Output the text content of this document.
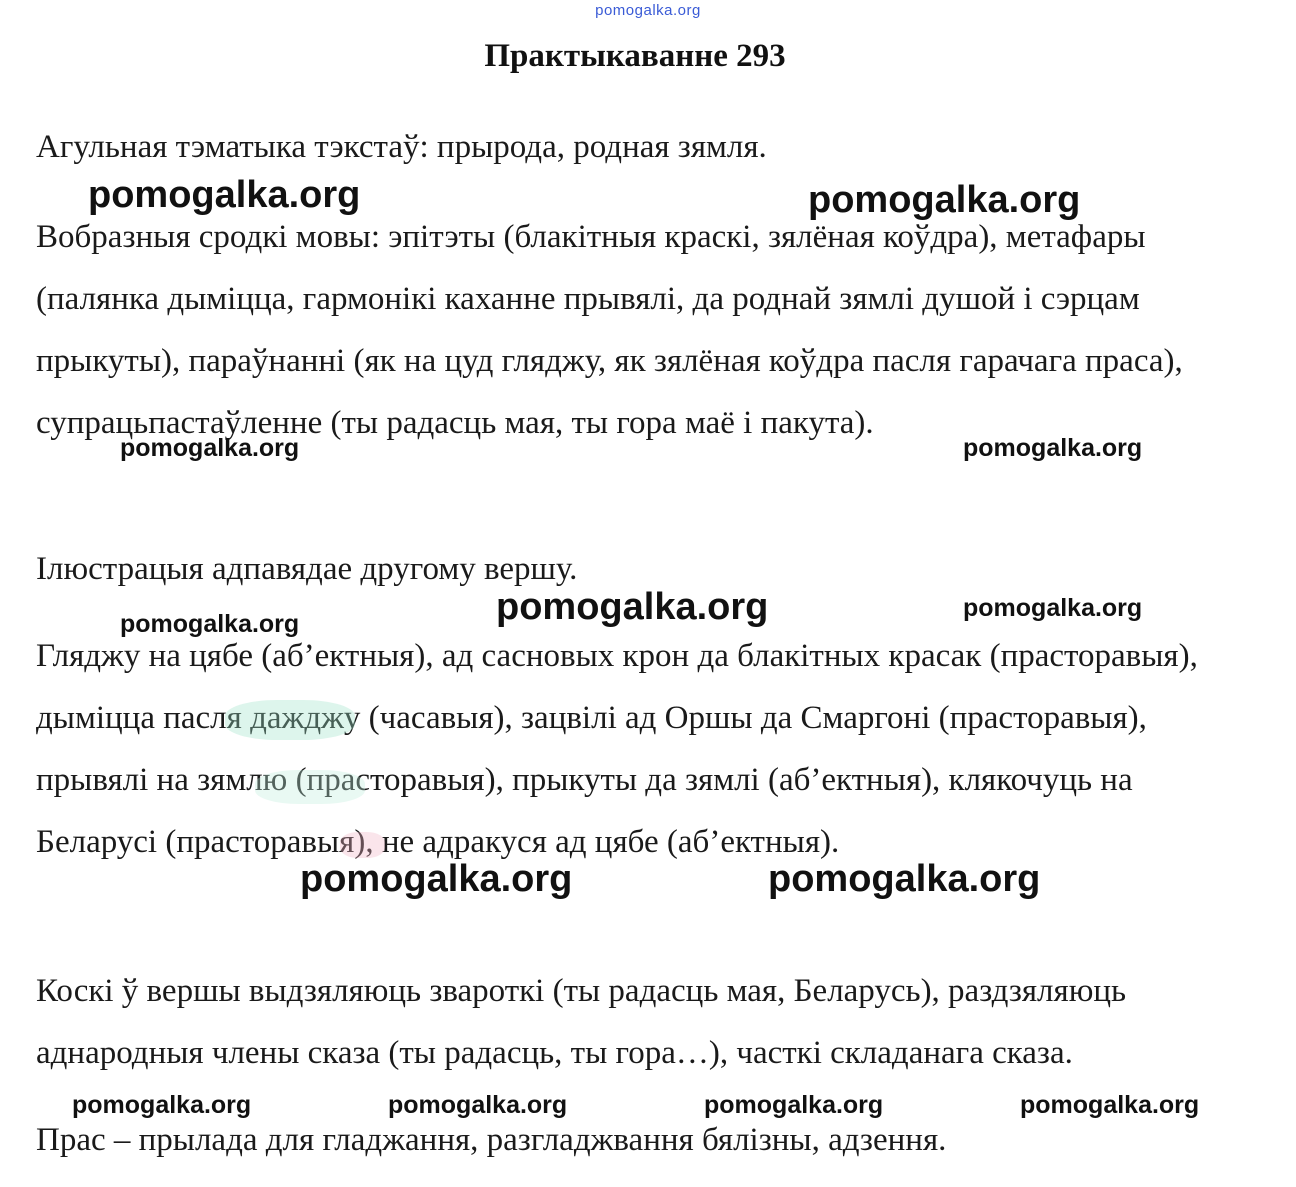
pomogalka.org
Практыкаванне 293

Агульная тэматыка тэкстаў: прырода, родная зямля.

Вобразныя сродкі мовы: эпітэты (блакітныя краскі, зялёная коўдра), метафары (палянка дыміцца, гармонікі каханне прывялі, да роднай зямлі душой і сэрцам прыкуты), параўнанні (як на цуд гляджу, як зялёная коўдра пасля гарачага праса), супрацьпастаўленне (ты радасць мая, ты гора маё і пакута).

Ілюстрацыя адпавядае другому вершу.

Гляджу на цябе (аб’ектныя), ад сасновых крон да блакітных красак (прасторавыя), дыміцца пасля дажджу (часавыя), зацвілі ад Оршы да Смаргоні (прасторавыя), прывялі на зямлю (прасторавыя), прыкуты да зямлі (аб’ектныя), клякочуць на Беларусі (прасторавыя), не адракуся ад цябе (аб’ектныя).

Коскі ў вершы выдзяляюць звароткі (ты радасць мая, Беларусь), раздзяляюць аднародныя члены сказа (ты радасць, ты гора…), часткі складанага сказа.

Прас – прылада для гладжання, разгладжвання бялізны, адзення.

pomogalka.org	pomogalka.org
pomogalka.org	pomogalka.org
pomogalka.org	pomogalka.org
pomogalka.org
pomogalka.org	pomogalka.org
pomogalka.org	pomogalka.org	pomogalka.org	pomogalka.org
